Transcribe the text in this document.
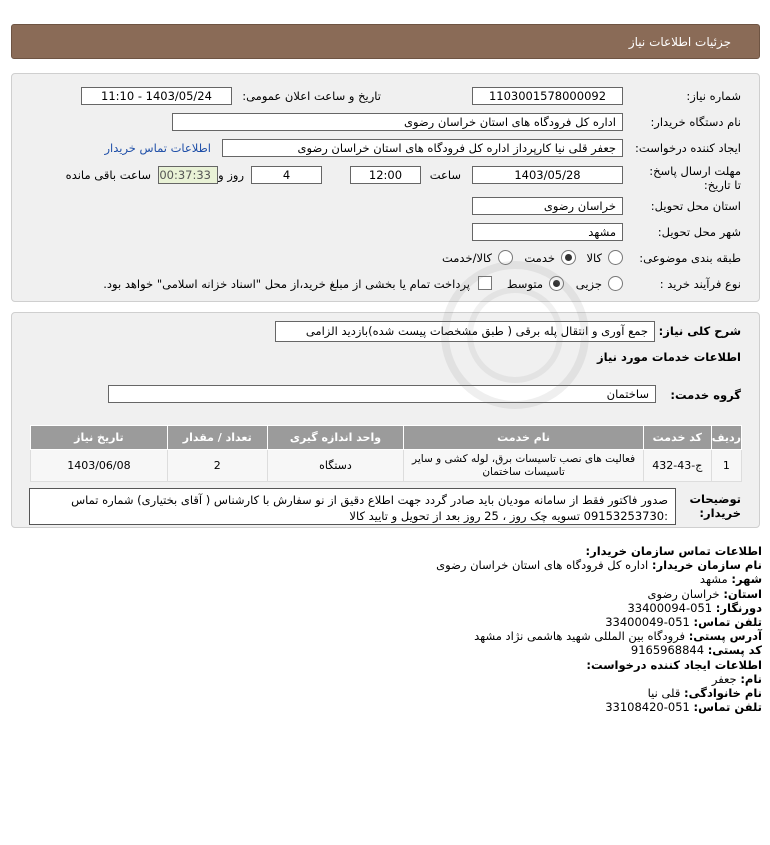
جزئیات اطلاعات نیاز
شماره نیاز:
1103001578000092
تاریخ و ساعت اعلان عمومی:
1403/05/24 - 11:10
نام دستگاه خریدار:
اداره کل فرودگاه های استان خراسان رضوی
ایجاد کننده درخواست:
جعفر قلی نیا کارپرداز اداره کل فرودگاه های استان خراسان رضوی
اطلاعات تماس خریدار
مهلت ارسال پاسخ: تا تاریخ:
1403/05/28
ساعت
12:00
4
روز و
00:37:33
ساعت باقی مانده
استان محل تحویل:
خراسان رضوی
شهر محل تحویل:
مشهد
طبقه بندی موضوعی:
کالا
خدمت
کالا/خدمت
نوع فرآیند خرید :
جزیی
متوسط
پرداخت تمام یا بخشی از مبلغ خرید،از محل "اسناد خزانه اسلامی" خواهد بود.
شرح کلی نیاز:
جمع آوری و انتقال پله برقی ( طبق مشخصات پیست شده)بازدید الزامی
اطلاعات خدمات مورد نیاز
گروه خدمت:
ساختمان
ردیف	کد خدمت	نام خدمت	واحد اندازه گیری	تعداد / مقدار	تاریخ نیاز
1	ج-43-432	فعالیت های نصب تاسیسات برق، لوله کشی و سایر تاسیسات ساختمان	دستگاه	2	1403/06/08
توضیحات خریدار:
صدور فاکتور فقط از سامانه مودیان باید صادر گردد جهت اطلاع دقیق از نو سفارش با کارشناس ( آقای بختیاری) شماره تماس :09153253730 تسویه چک روز ، 25 روز بعد از تحویل و تایید کالا
اطلاعات تماس سازمان خریدار:
نام سازمان خریدار: اداره کل فرودگاه های استان خراسان رضوی
شهر: مشهد
استان: خراسان رضوی
دورنگار: 051-33400094
تلفن تماس: 051-33400049
آدرس پستی: فرودگاه بین المللی شهید هاشمی نژاد مشهد
کد پستی: 9165968844
اطلاعات ایجاد کننده درخواست:
نام: جعفر
نام خانوادگی: قلی نیا
تلفن تماس: 051-33108420
